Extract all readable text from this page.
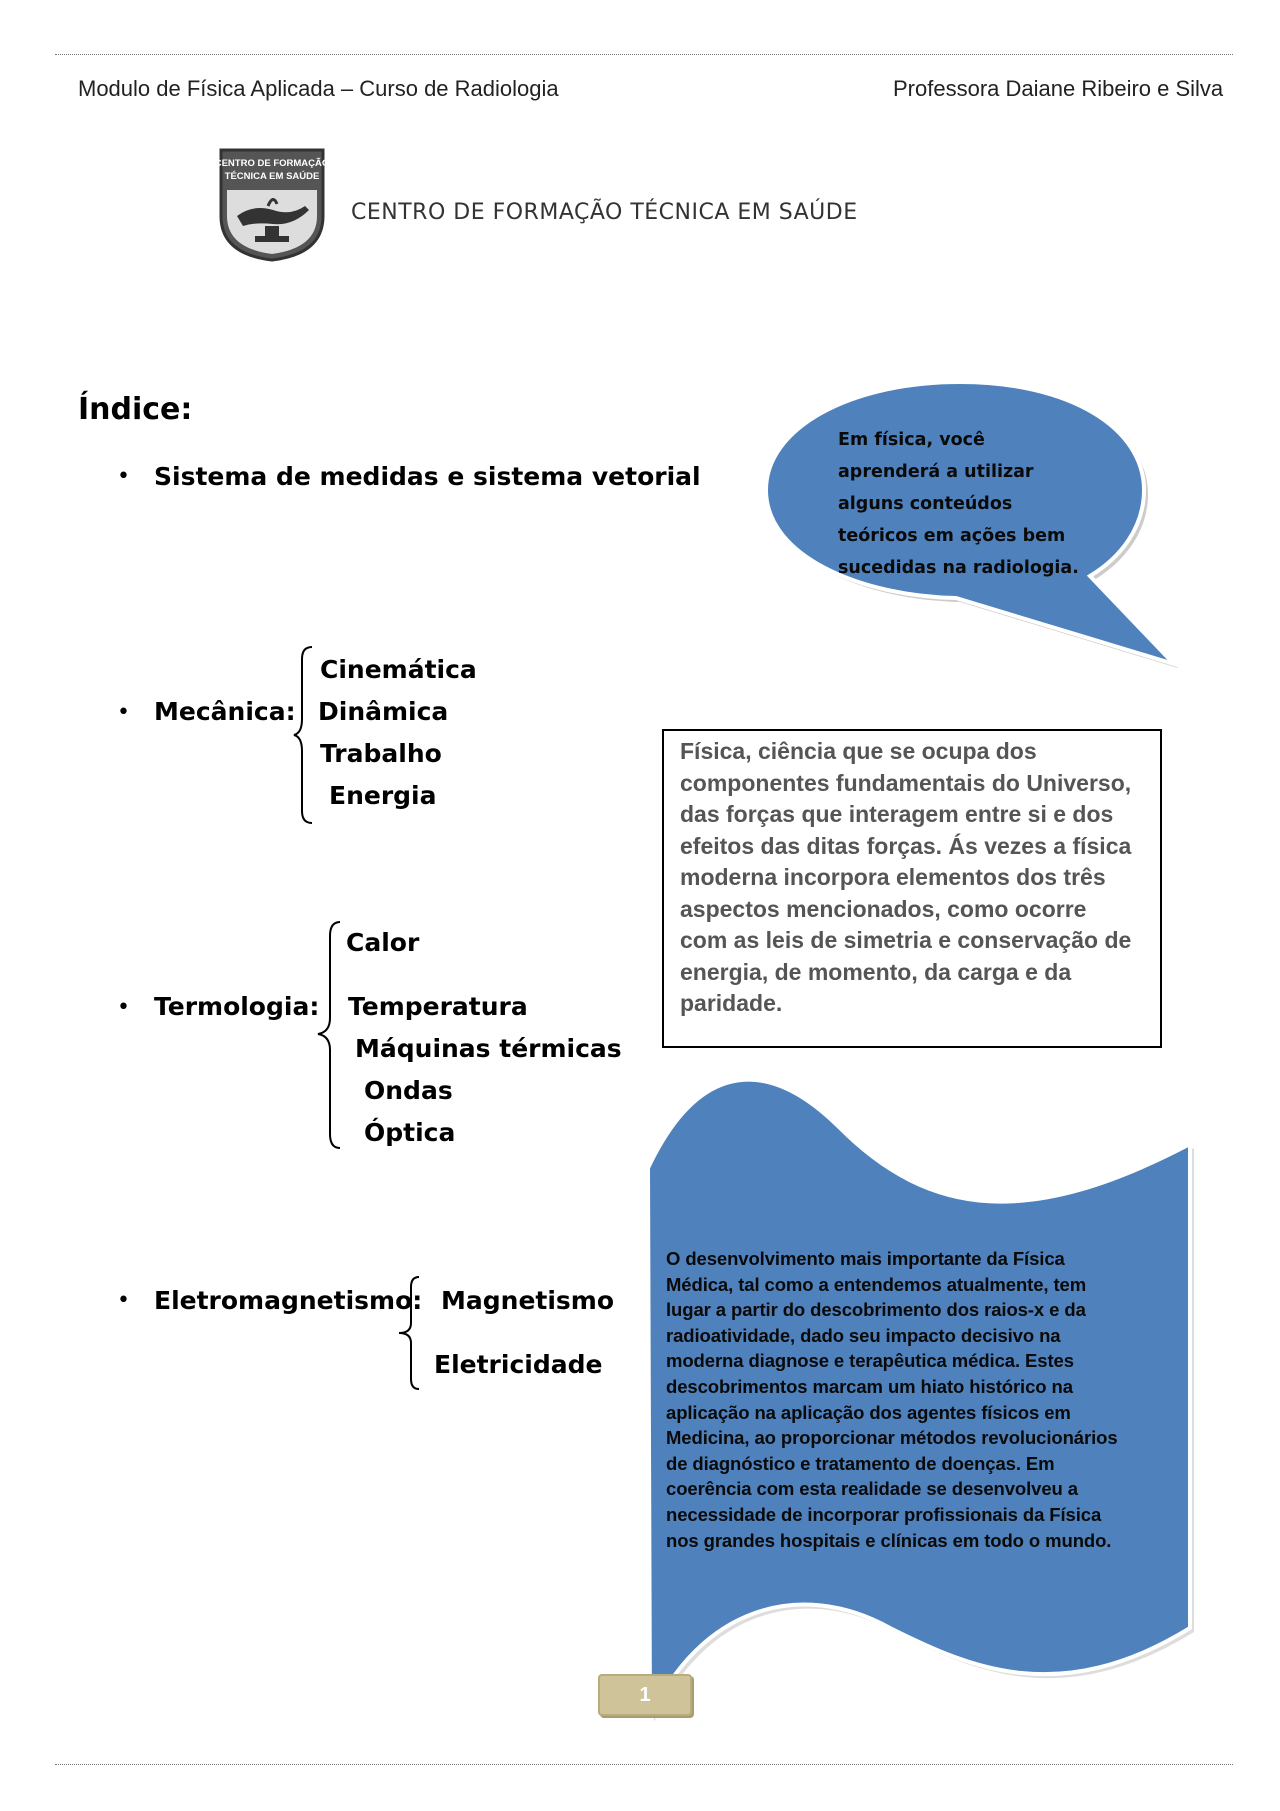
Modulo de Física Aplicada – Curso de Radiologia	Professora Daiane Ribeiro e Silva
CENTRO DE FORMAÇÃO
TÉCNICA EM SAÚDE
CENTRO DE FORMAÇÃO TÉCNICA EM SAÚDE
Índice:
• Sistema de medidas e sistema vetorial
• Mecânica:
Cinemática
Dinâmica
Trabalho
Energia
• Termologia:
Calor
Temperatura
Máquinas térmicas
Ondas
Óptica
• Eletromagnetismo: Magnetismo
Eletricidade
Em física, você
aprenderá a utilizar
alguns conteúdos
teóricos em ações bem
sucedidas na radiologia.
Física, ciência que se ocupa dos
componentes fundamentais do Universo,
das forças que interagem entre si e dos
efeitos das ditas forças. Ás vezes a física
moderna incorpora elementos dos três
aspectos mencionados, como ocorre
com as leis de simetria e conservação de
energia, de momento, da carga e da
paridade.
O desenvolvimento mais importante da Física
Médica, tal como a entendemos atualmente, tem
lugar a partir do descobrimento dos raios-x e da
radioatividade, dado seu impacto decisivo na
moderna diagnose e terapêutica médica. Estes
descobrimentos marcam um hiato histórico na
aplicação na aplicação dos agentes físicos em
Medicina, ao proporcionar métodos revolucionários
de diagnóstico e tratamento de doenças. Em
coerência com esta realidade se desenvolveu a
necessidade de incorporar profissionais da Física
nos grandes hospitais e clínicas em todo o mundo.
1
